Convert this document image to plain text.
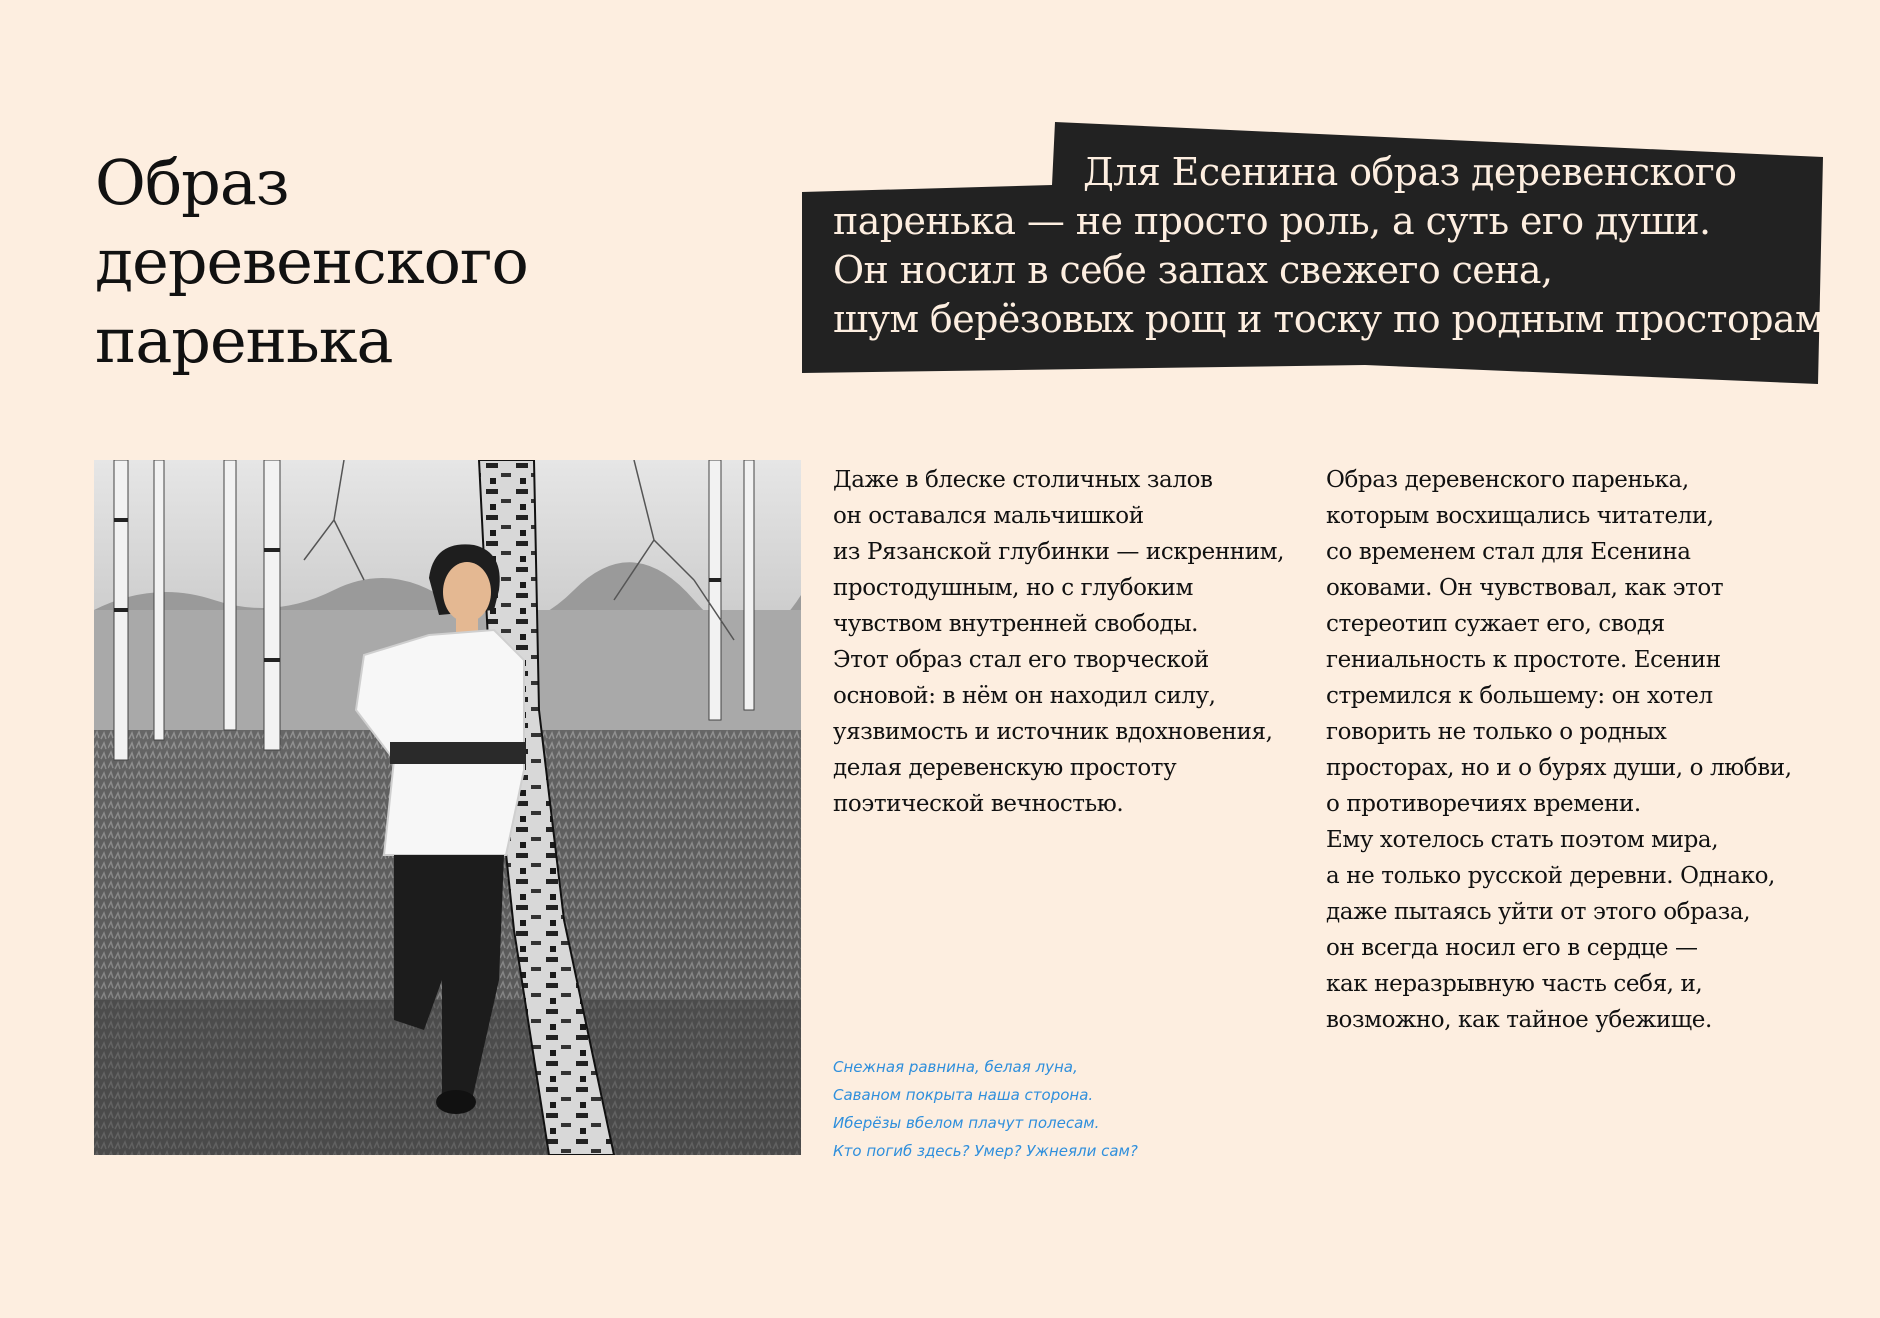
Образ
деревенского
паренька
Для Есенина образ деревенского
паренька — не просто роль, а суть его души.
Он носил в себе запах свежего сена,
шум берёзовых рощ и тоску по родным просторам
Даже в блеске столичных залов
он оставался мальчишкой
из Рязанской глубинки — искренним,
простодушным, но с глубоким
чувством внутренней свободы.
Этот образ стал его творческой
основой: в нём он находил силу,
уязвимость и источник вдохновения,
делая деревенскую простоту
поэтической вечностью.
Образ деревенского паренька,
которым восхищались читатели,
со временем стал для Есенина
оковами. Он чувствовал, как этот
стереотип сужает его, сводя
гениальность к простоте. Есенин
стремился к большему: он хотел
говорить не только о родных
просторах, но и о бурях души, о любви,
о противоречиях времени.
Ему хотелось стать поэтом мира,
а не только русской деревни. Однако,
даже пытаясь уйти от этого образа,
он всегда носил его в сердце —
как неразрывную часть себя, и,
возможно, как тайное убежище.
Снежная равнина, белая луна,
Саваном покрыта наша сторона.
Иберёзы вбелом плачут полесам.
Кто погиб здесь? Умер? Ужнеяли сам?
